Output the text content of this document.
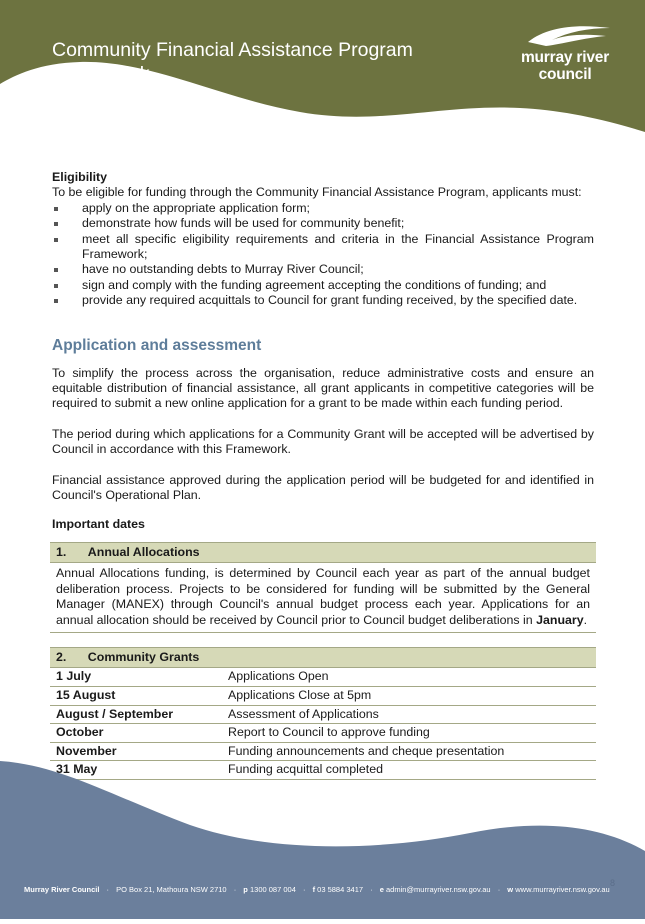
Community Financial Assistance Program
Framework
murray river
council

Eligibility

To be eligible for funding through the Community Financial Assistance Program, applicants must:

apply on the appropriate application form;
demonstrate how funds will be used for community benefit;
meet all specific eligibility requirements and criteria in the Financial Assistance Program Framework;
have no outstanding debts to Murray River Council;
sign and comply with the funding agreement accepting the conditions of funding; and
provide any required acquittals to Council for grant funding received, by the specified date.
Application and assessment

To simplify the process across the organisation, reduce administrative costs and ensure an equitable distribution of financial assistance, all grant applicants in competitive categories will be required to submit a new online application for a grant to be made within each funding period.

The period during which applications for a Community Grant will be accepted will be advertised by Council in accordance with this Framework.

Financial assistance approved during the application period will be budgeted for and identified in Council's Operational Plan.

Important dates

1. Annual Allocations
Annual Allocations funding, is determined by Council each year as part of the annual budget deliberation process. Projects to be considered for funding will be submitted by the General Manager (MANEX) through Council's annual budget process each year. Applications for an annual allocation should be received by Council prior to Council budget deliberations in January.
2. Community Grants	
1 July	Applications Open
15 August	Applications Close at 5pm
August / September	Assessment of Applications
October	Report to Council to approve funding
November	Funding announcements and cheque presentation
31 May	Funding acquittal completed
Murray River Council · PO Box 21, Mathoura NSW 2710 · p 1300 087 004 · f 03 5884 3417 · e admin@murrayriver.nsw.gov.au · w www.murrayriver.nsw.gov.au
8
